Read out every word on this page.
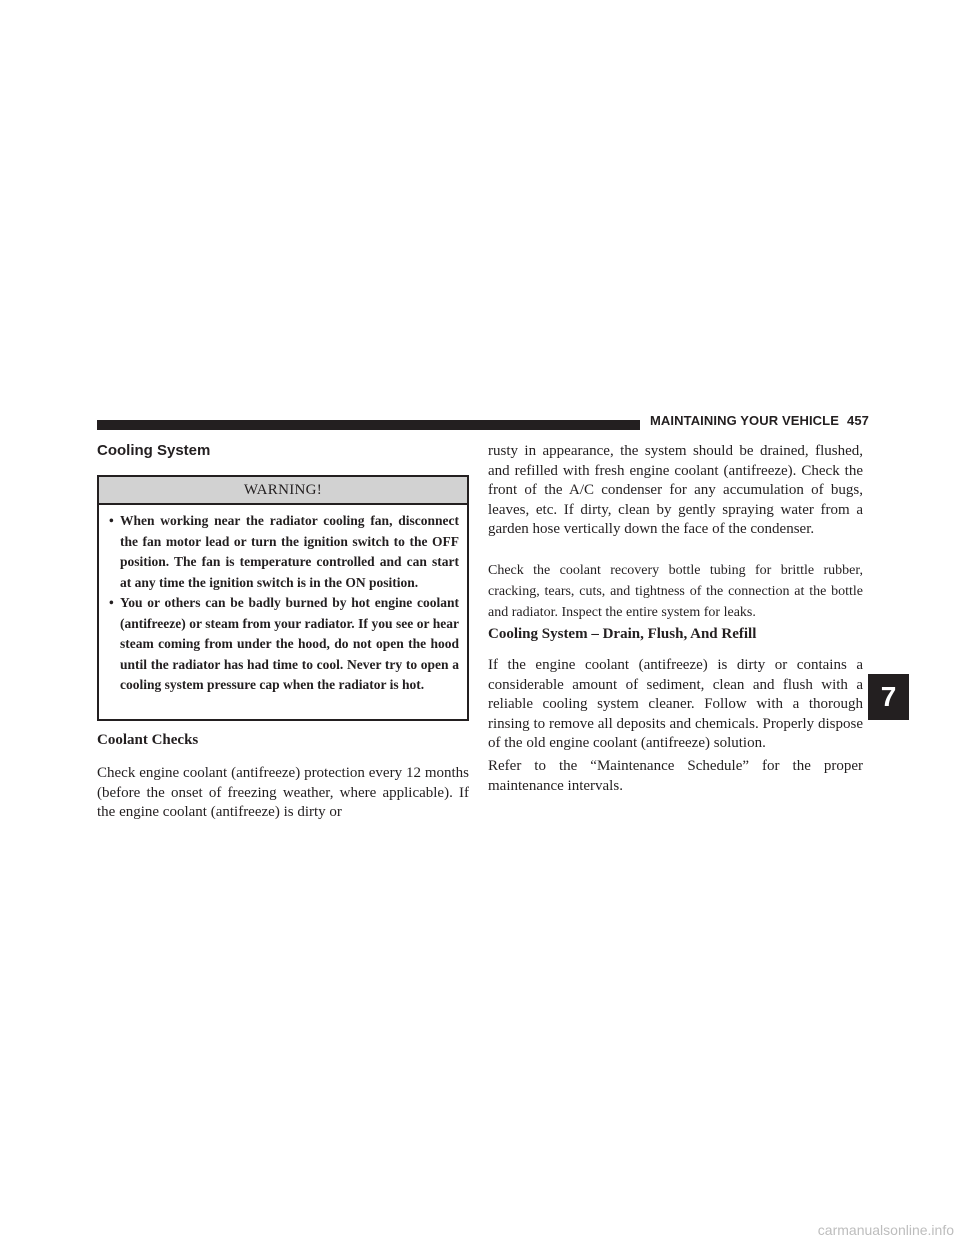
MAINTAINING YOUR VEHICLE 457
Cooling System
WARNING!
• When working near the radiator cooling fan, disconnect the fan motor lead or turn the ignition switch to the OFF position. The fan is temperature controlled and can start at any time the ignition switch is in the ON position.
• You or others can be badly burned by hot engine coolant (antifreeze) or steam from your radiator. If you see or hear steam coming from under the hood, do not open the hood until the radiator has had time to cool. Never try to open a cooling system pressure cap when the radiator is hot.
Coolant Checks

Check engine coolant (antifreeze) protection every 12 months (before the onset of freezing weather, where applicable). If the engine coolant (antifreeze) is dirty or

rusty in appearance, the system should be drained, flushed, and refilled with fresh engine coolant (antifreeze). Check the front of the A/C condenser for any accumulation of bugs, leaves, etc. If dirty, clean by gently spraying water from a garden hose vertically down the face of the condenser.

Check the coolant recovery bottle tubing for brittle rubber, cracking, tears, cuts, and tightness of the connection at the bottle and radiator. Inspect the entire system for leaks.

Cooling System – Drain, Flush, And Refill

If the engine coolant (antifreeze) is dirty or contains a considerable amount of sediment, clean and flush with a reliable cooling system cleaner. Follow with a thorough rinsing to remove all deposits and chemicals. Properly dispose of the old engine coolant (antifreeze) solution.

Refer to the “Maintenance Schedule” for the proper maintenance intervals.

7
carmanualsonline.info
